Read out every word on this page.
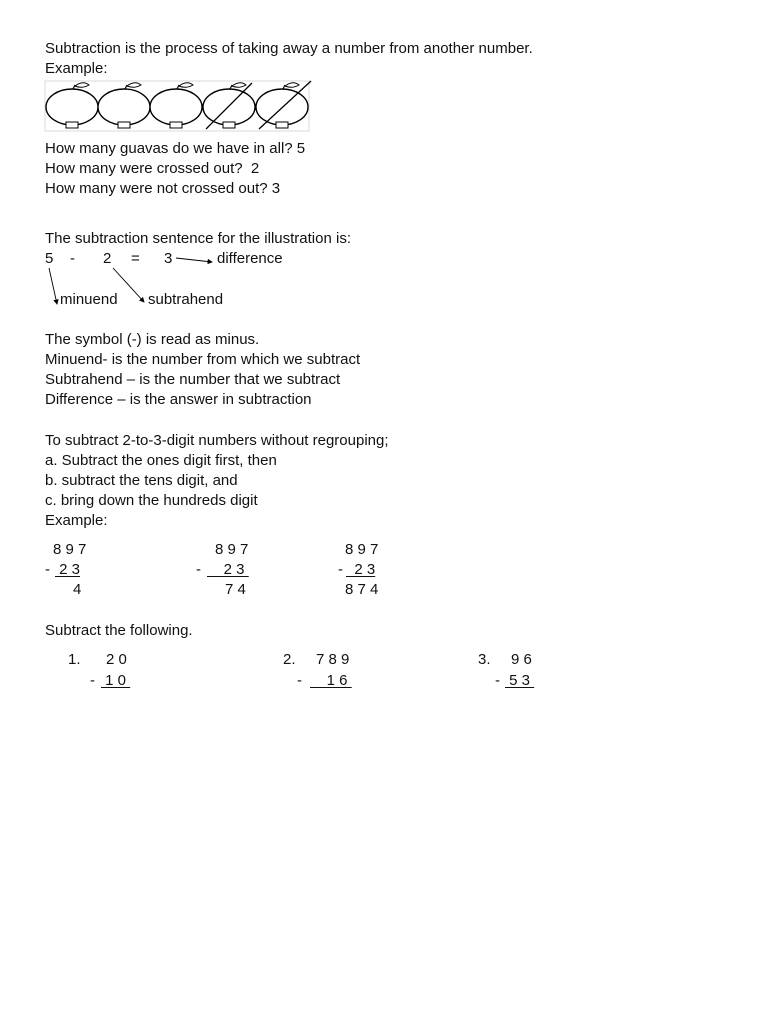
Subtraction is the process of taking away a number from another number.
Example:
How many guavas do we have in all? 5
How many were crossed out?  2
How many were not crossed out? 3
The subtraction sentence for the illustration is:
5 - 2 = 3	difference
minuend subtrahend
The symbol (-) is read as minus.
Minuend- is the number from which we subtract
Subtrahend – is the number that we subtract
Difference – is the answer in subtraction
To subtract 2-to-3-digit numbers without regrouping;
a. Subtract the ones digit first, then
b. subtract the tens digit, and
c. bring down the hundreds digit
Example:
8 9 7
- 2 3
4
8 9 7
- 2 3
7 4
8 9 7
- 2 3
8 7 4
Subtract the following.
1. 2 0
- 1 0
2. 7 8 9
- 1 6
3. 9 6
- 5 3
